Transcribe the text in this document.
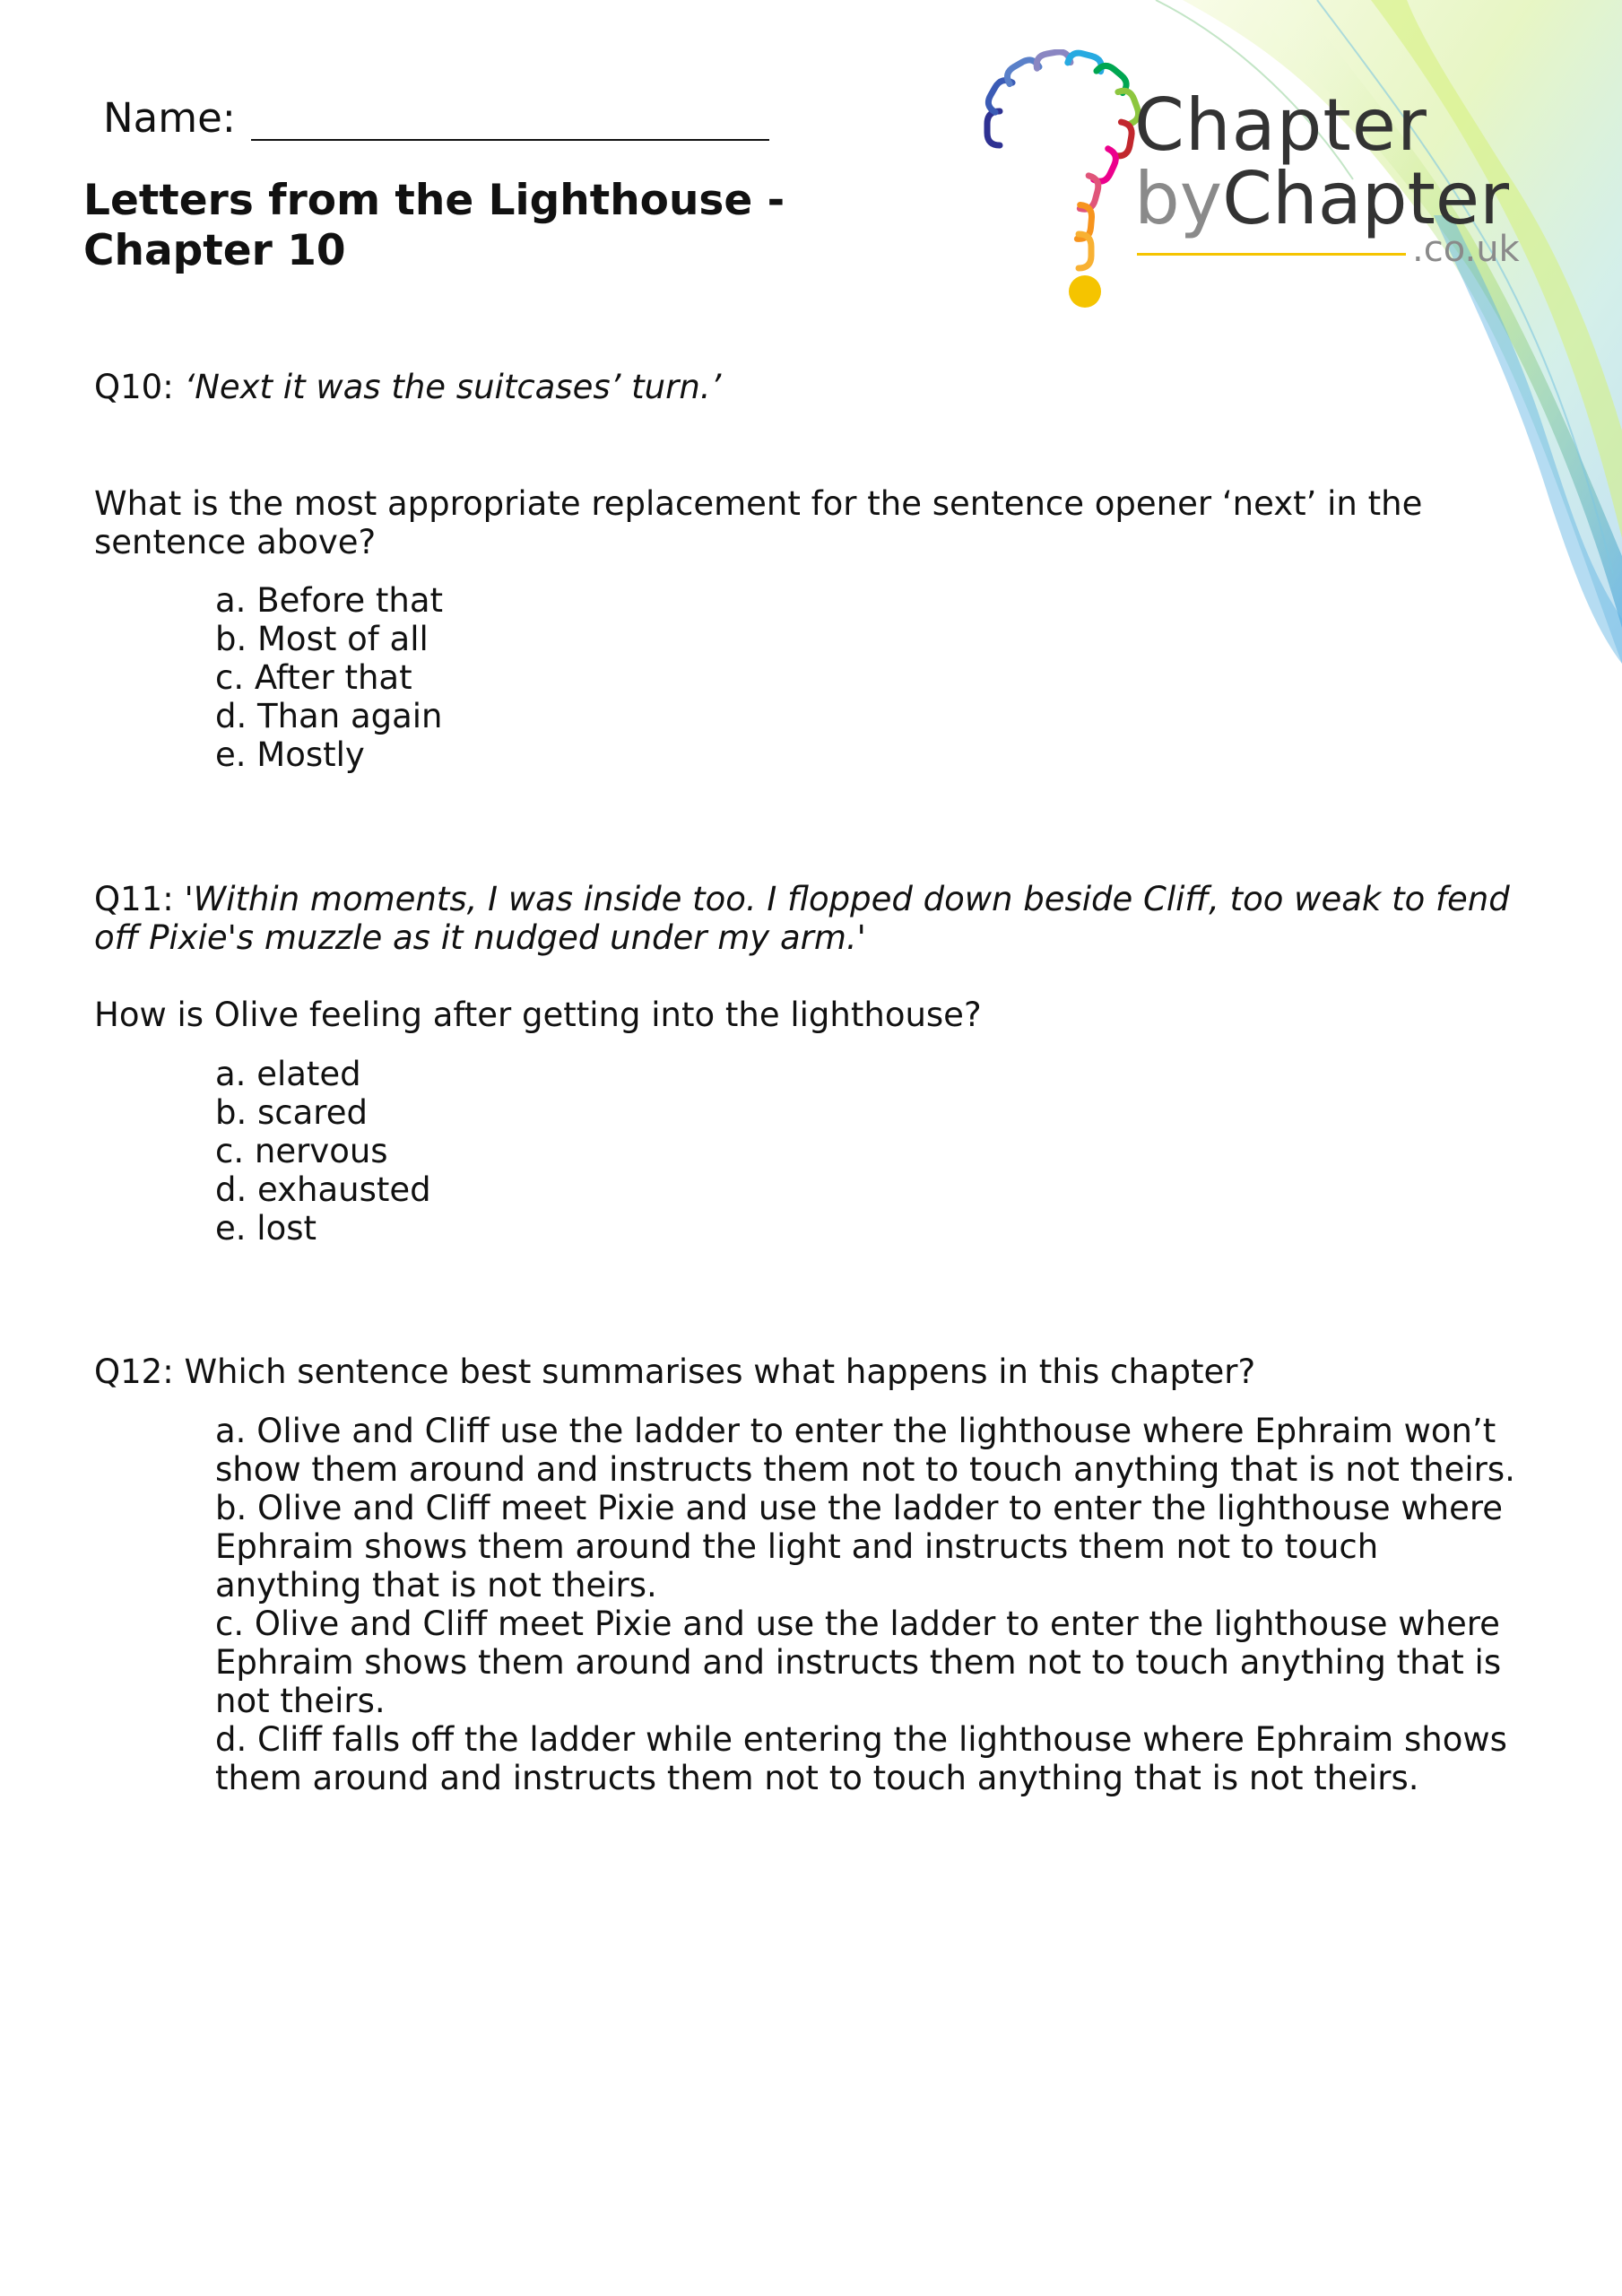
Chapter
byChapter
.co.uk
Name:
Letters from the Lighthouse - Chapter 10
Q10: ‘Next it was the suitcases’ turn.’
What is the most appropriate replacement for the sentence opener ‘next’ in the sentence above?
a. Before that
b. Most of all
c. After that
d. Than again
e. Mostly
Q11: 'Within moments, I was inside too. I flopped down beside Cliff, too weak to fend off Pixie's muzzle as it nudged under my arm.'
How is Olive feeling after getting into the lighthouse?
a. elated
b. scared
c. nervous
d. exhausted
e. lost
Q12: Which sentence best summarises what happens in this chapter?
a. Olive and Cliff use the ladder to enter the lighthouse where Ephraim won’t show them around and instructs them not to touch anything that is not theirs.
b. Olive and Cliff meet Pixie and use the ladder to enter the lighthouse where Ephraim shows them around the light and instructs them not to touch anything that is not theirs.
c. Olive and Cliff meet Pixie and use the ladder to enter the lighthouse where Ephraim shows them around and instructs them not to touch anything that is not theirs.
d. Cliff falls off the ladder while entering the lighthouse where Ephraim shows them around and instructs them not to touch anything that is not theirs.
